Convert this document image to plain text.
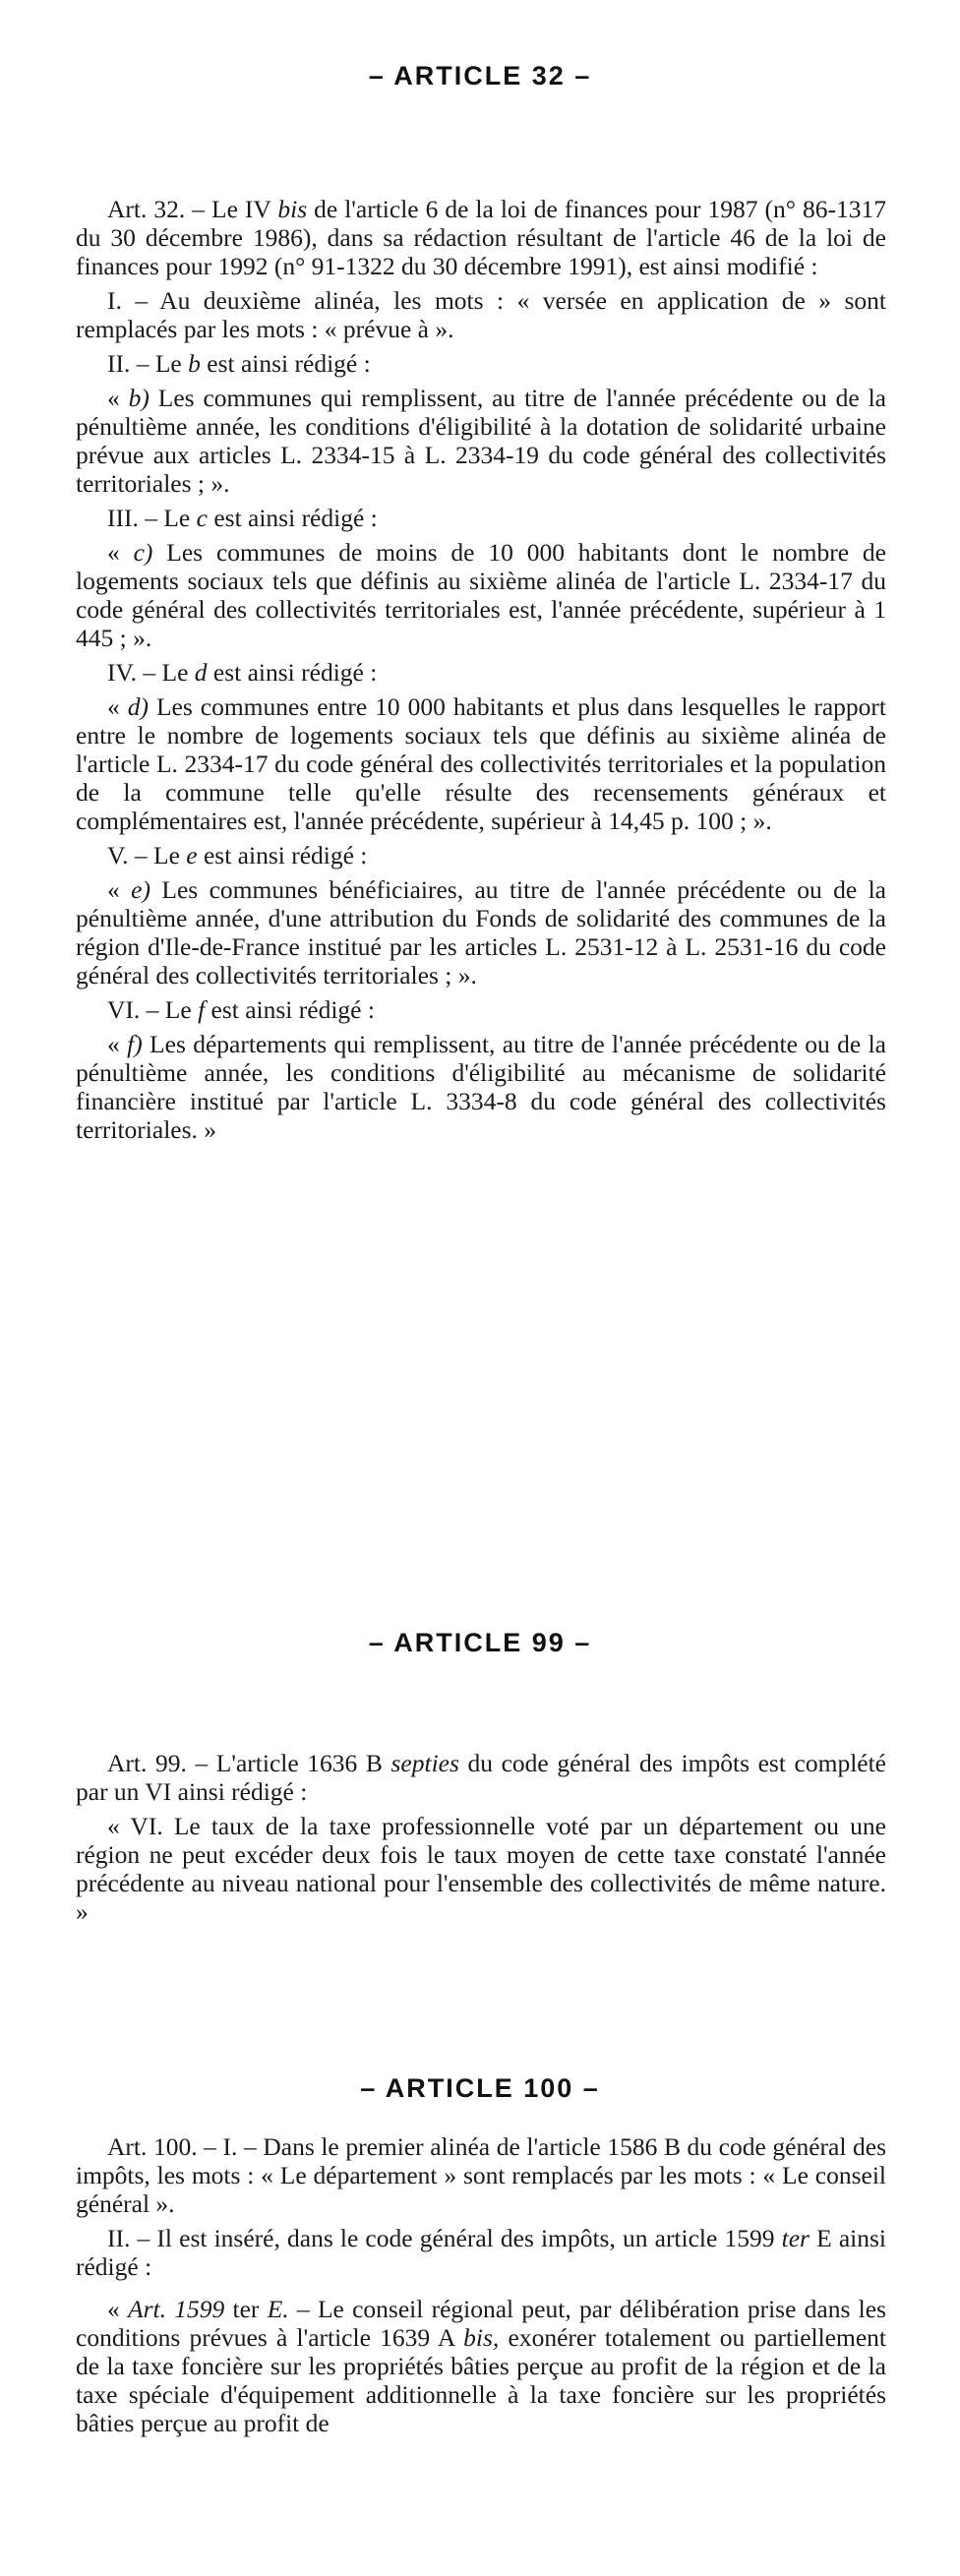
– ARTICLE 32 –

Art. 32. – Le IV bis de l'article 6 de la loi de finances pour 1987 (n° 86-1317 du 30 décembre 1986), dans sa rédaction résultant de l'article 46 de la loi de finances pour 1992 (n° 91-1322 du 30 décembre 1991), est ainsi modifié :

I. – Au deuxième alinéa, les mots : « versée en application de » sont remplacés par les mots : « prévue à ».

II. – Le b est ainsi rédigé :

« b) Les communes qui remplissent, au titre de l'année précédente ou de la pénultième année, les conditions d'éligibilité à la dotation de solidarité urbaine prévue aux articles L. 2334-15 à L. 2334-19 du code général des collectivités territoriales ; ».

III. – Le c est ainsi rédigé :

« c) Les communes de moins de 10 000 habitants dont le nombre de logements sociaux tels que définis au sixième alinéa de l'article L. 2334-17 du code général des collectivités territoriales est, l'année précédente, supérieur à 1 445 ; ».

IV. – Le d est ainsi rédigé :

« d) Les communes entre 10 000 habitants et plus dans lesquelles le rapport entre le nombre de logements sociaux tels que définis au sixième alinéa de l'article L. 2334-17 du code général des collectivités territoriales et la population de la commune telle qu'elle résulte des recensements généraux et complémentaires est, l'année précédente, supérieur à 14,45 p. 100 ; ».

V. – Le e est ainsi rédigé :

« e) Les communes bénéficiaires, au titre de l'année précédente ou de la pénultième année, d'une attribution du Fonds de solidarité des communes de la région d'Ile-de-France institué par les articles L. 2531-12 à L. 2531-16 du code général des collectivités territoriales ; ».

VI. – Le f est ainsi rédigé :

« f) Les départements qui remplissent, au titre de l'année précédente ou de la pénultième année, les conditions d'éligibilité au mécanisme de solidarité financière institué par l'article L. 3334-8 du code général des collectivités territoriales. »

– ARTICLE 99 –

Art. 99. – L'article 1636 B septies du code général des impôts est complété par un VI ainsi rédigé :

« VI. Le taux de la taxe professionnelle voté par un département ou une région ne peut excéder deux fois le taux moyen de cette taxe constaté l'année précédente au niveau national pour l'ensemble des collectivités de même nature. »

– ARTICLE 100 –

Art. 100. – I. – Dans le premier alinéa de l'article 1586 B du code général des impôts, les mots : « Le département » sont remplacés par les mots : « Le conseil général ».

II. – Il est inséré, dans le code général des impôts, un article 1599 ter E ainsi rédigé :

« Art. 1599 ter E. – Le conseil régional peut, par délibération prise dans les conditions prévues à l'article 1639 A bis, exonérer totalement ou partiellement de la taxe foncière sur les propriétés bâties perçue au profit de la région et de la taxe spéciale d'équipement additionnelle à la taxe foncière sur les propriétés bâties perçue au profit de
